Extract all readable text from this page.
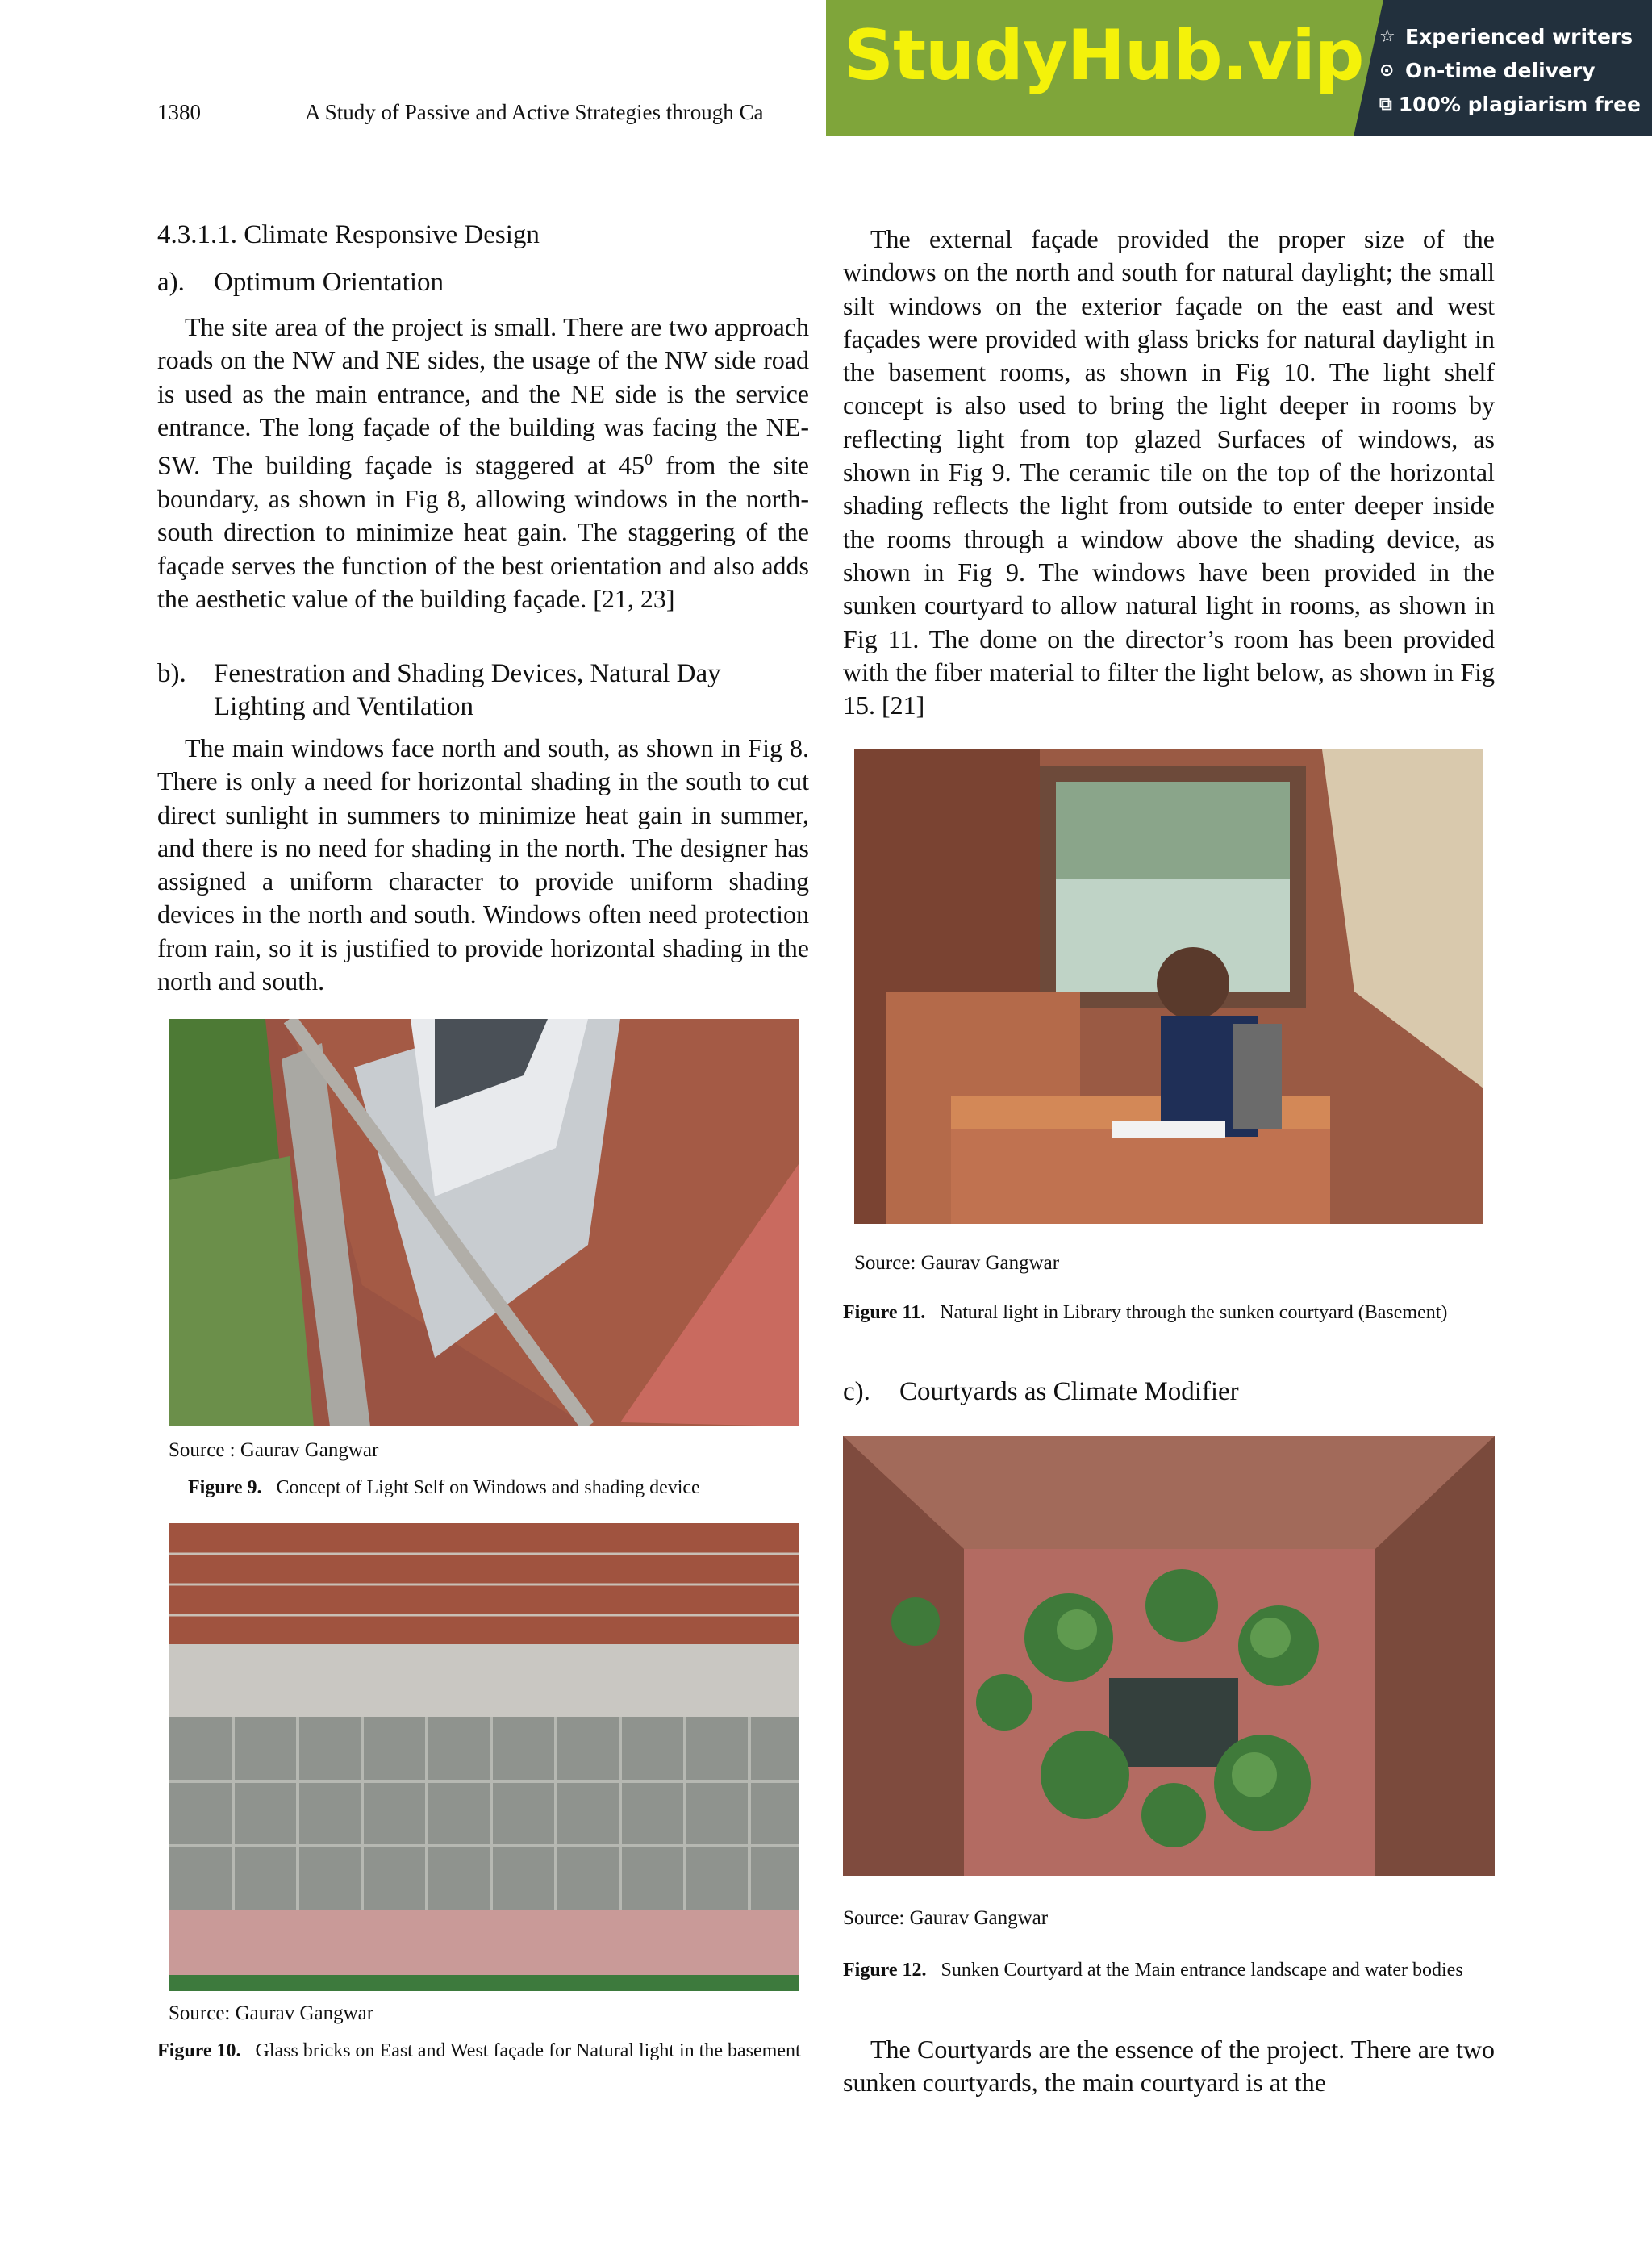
1380	A Study of Passive and Active Strategies through Ca
StudyHub.vip ☆ Experienced writers
⊙ On-time delivery
⧉ 100% plagiarism free
4.3.1.1. Climate Responsive Design
a). Optimum Orientation
The site area of the project is small. There are two approach roads on the NW and NE sides, the usage of the NW side road is used as the main entrance, and the NE side is the service entrance. The long façade of the building was facing the NE-SW. The building façade is staggered at $45^0$ from the site boundary, as shown in Fig 8, allowing windows in the north-south direction to minimize heat gain. The staggering of the façade serves the function of the best orientation and also adds the aesthetic value of the building façade. [21, 23]
b). Fenestration and Shading Devices, Natural Day
Lighting and Ventilation
The main windows face north and south, as shown in Fig 8. There is only a need for horizontal shading in the south to cut direct sunlight in summers to minimize heat gain in summer, and there is no need for shading in the north. The designer has assigned a uniform character to provide uniform shading devices in the north and south. Windows often need protection from rain, so it is justified to provide horizontal shading in the north and south.
Source : Gaurav Gangwar
Figure 9. Concept of Light Self on Windows and shading device
Source: Gaurav Gangwar
Figure 10. Glass bricks on East and West façade for Natural light in the basement
The external façade provided the proper size of the windows on the north and south for natural daylight; the small silt windows on the exterior façade on the east and west façades were provided with glass bricks for natural daylight in the basement rooms, as shown in Fig 10. The light shelf concept is also used to bring the light deeper in rooms by reflecting light from top glazed Surfaces of windows, as shown in Fig 9. The ceramic tile on the top of the horizontal shading reflects the light from outside to enter deeper inside the rooms through a window above the shading device, as shown in Fig 9. The windows have been provided in the sunken courtyard to allow natural light in rooms, as shown in Fig 11. The dome on the director’s room has been provided with the fiber material to filter the light below, as shown in Fig 15. [21]
Source: Gaurav Gangwar
Figure 11. Natural light in Library through the sunken courtyard (Basement)
c). Courtyards as Climate Modifier
Source: Gaurav Gangwar
Figure 12. Sunken Courtyard at the Main entrance landscape and water bodies
The Courtyards are the essence of the project. There are two sunken courtyards, the main courtyard is at the
